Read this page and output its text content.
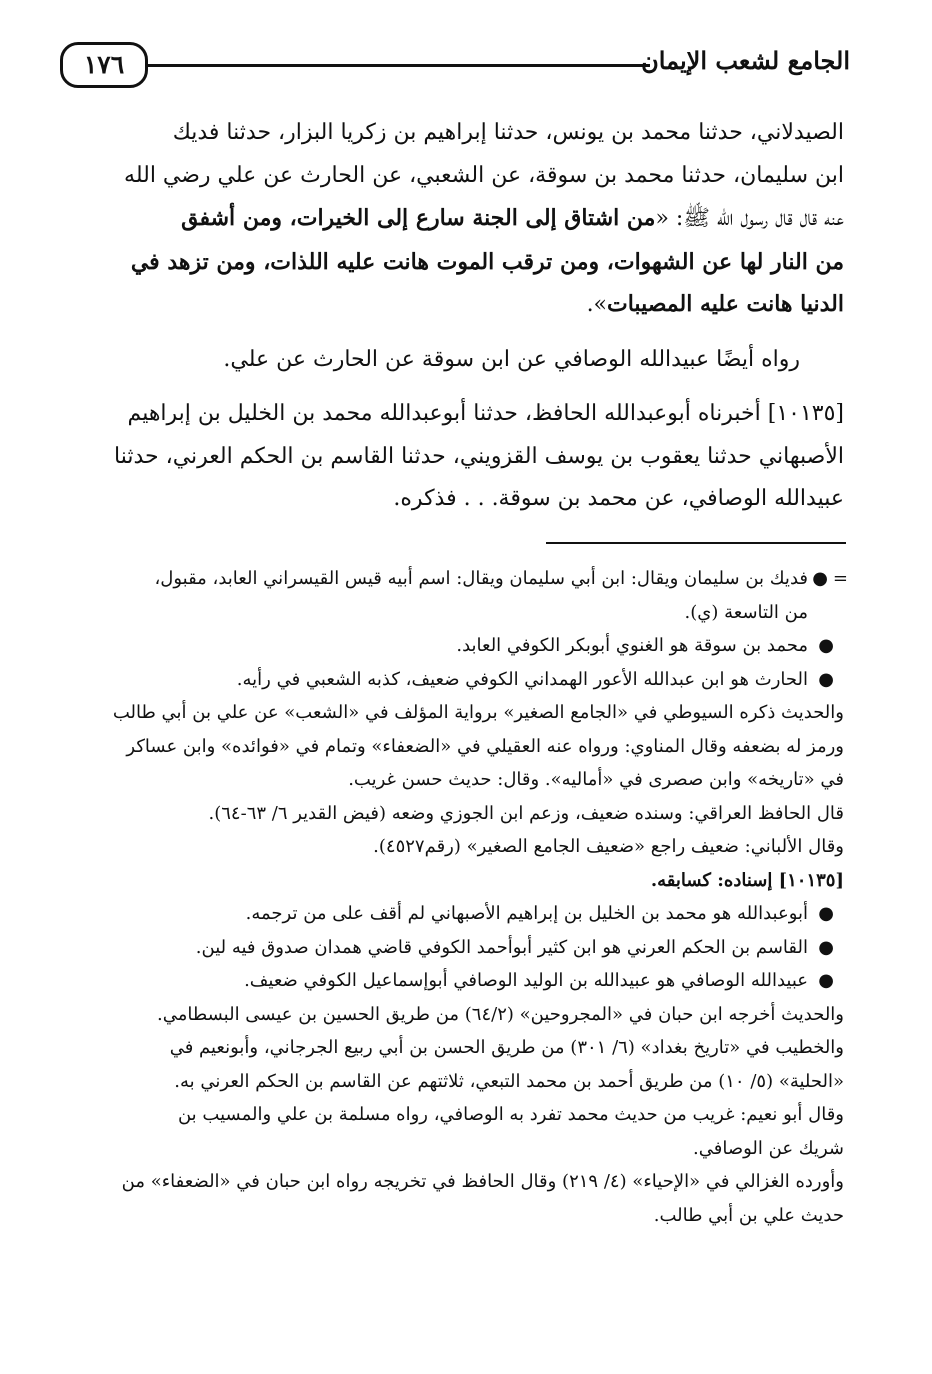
١٧٦	الجامع لشعب الإيمان

الصيدلاني، حدثنا محمد بن يونس، حدثنا إبراهيم بن زكريا البزار، حدثنا فديك
ابن سليمان، حدثنا محمد بن سوقة، عن الشعبي، عن الحارث عن علي رضي الله
عنه قال قال رسول الله ﷺ: «من اشتاق إلى الجنة سارع إلى الخيرات، ومن أشفق
من النار لها عن الشهوات، ومن ترقب الموت هانت عليه اللذات، ومن تزهد في
الدنيا هانت عليه المصيبات».

رواه أيضًا عبيدالله الوصافي عن ابن سوقة عن الحارث عن علي.

[١٠١٣٥] أخبرناه أبوعبدالله الحافظ، حدثنا أبوعبدالله محمد بن الخليل بن إبراهيم
الأصبهاني حدثنا يعقوب بن يوسف القزويني، حدثنا القاسم بن الحكم العرني، حدثنا
عبيدالله الوصافي، عن محمد بن سوقة. . . فذكره.

=
●
فديك بن سليمان ويقال: ابن أبي سليمان ويقال: اسم أبيه قيس القيسراني العابد، مقبول،
من التاسعة (ي).

●
محمد بن سوقة هو الغنوي أبوبكر الكوفي العابد.

●
الحارث هو ابن عبدالله الأعور الهمداني الكوفي ضعيف، كذبه الشعبي في رأيه.

والحديث ذكره السيوطي في «الجامع الصغير» برواية المؤلف في «الشعب» عن علي بن أبي طالب
ورمز له بضعفه وقال المناوي: ورواه عنه العقيلي في «الضعفاء» وتمام في «فوائده» وابن عساكر
في «تاريخه» وابن صصرى في «أماليه». وقال: حديث حسن غريب.

قال الحافظ العراقي: وسنده ضعيف، وزعم ابن الجوزي وضعه (فيض القدير ٦/ ٦٣-٦٤).

وقال الألباني: ضعيف راجع «ضعيف الجامع الصغير» (رقم٤٥٢٧).

[١٠١٣٥] إسناده: كسابقه.

●
أبوعبدالله هو محمد بن الخليل بن إبراهيم الأصبهاني لم أقف على من ترجمه.

●
القاسم بن الحكم العرني هو ابن كثير أبوأحمد الكوفي قاضي همدان صدوق فيه لين.

●
عبيدالله الوصافي هو عبيدالله بن الوليد الوصافي أبوإسماعيل الكوفي ضعيف.

والحديث أخرجه ابن حبان في «المجروحين» (٦٤/٢) من طريق الحسين بن عيسى البسطامي.

والخطيب في «تاريخ بغداد» (٦/ ٣٠١) من طريق الحسن بن أبي ربيع الجرجاني، وأبونعيم في
«الحلية» (٥/ ١٠) من طريق أحمد بن محمد التبعي، ثلاثتهم عن القاسم بن الحكم العرني به.

وقال أبو نعيم: غريب من حديث محمد تفرد به الوصافي، رواه مسلمة بن علي والمسيب بن
شريك عن الوصافي.

وأورده الغزالي في «الإحياء» (٤/ ٢١٩) وقال الحافظ في تخريجه رواه ابن حبان في «الضعفاء» من
حديث علي بن أبي طالب.
